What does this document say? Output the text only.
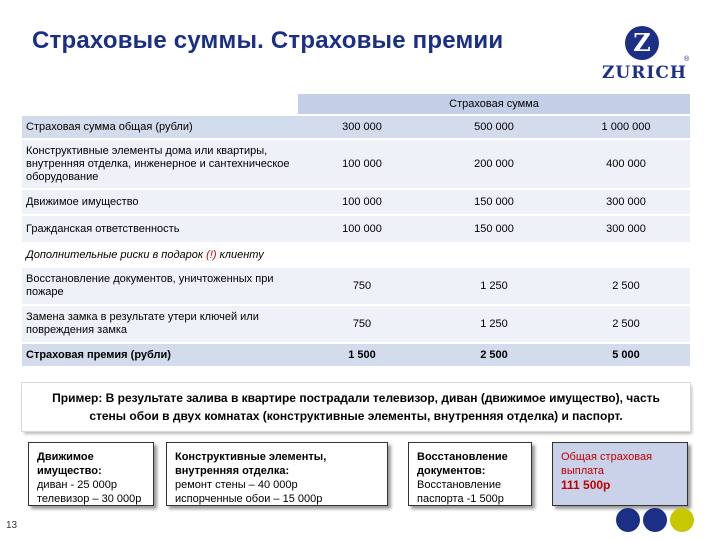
Страховые суммы. Страховые премии	Z
ZURICH
®
	Страховая сумма		
Страховая сумма общая (рубли)	300 000	500 000	1 000 000
Конструктивные элементы дома или квартиры, внутренняя отделка, инженерное и сантехническое оборудование	100 000	200 000	400 000
Движимое имущество	100 000	150 000	300 000
Гражданская ответственность	100 000	150 000	300 000
Дополнительные риски в подарок (!) клиенту			
Восстановление документов, уничтоженных при пожаре	750	1 250	2 500
Замена замка в результате утери ключей или повреждения замка	750	1 250	2 500
Страховая премия (рубли)	1 500	2 500	5 000
Пример: В результате залива в квартире пострадали телевизор, диван (движимое имущество), часть
стены обои в двух комнатах (конструктивные элементы, внутренняя отделка) и паспорт.
Движимое имущество:
диван - 25 000р
телевизор – 30 000р
Конструктивные элементы, внутренняя отделка:
ремонт стены – 40 000р
испорченные обои – 15 000р
Восстановление документов:
Восстановление
паспорта -1 500р
Общая страховая выплата
111 500р
13
